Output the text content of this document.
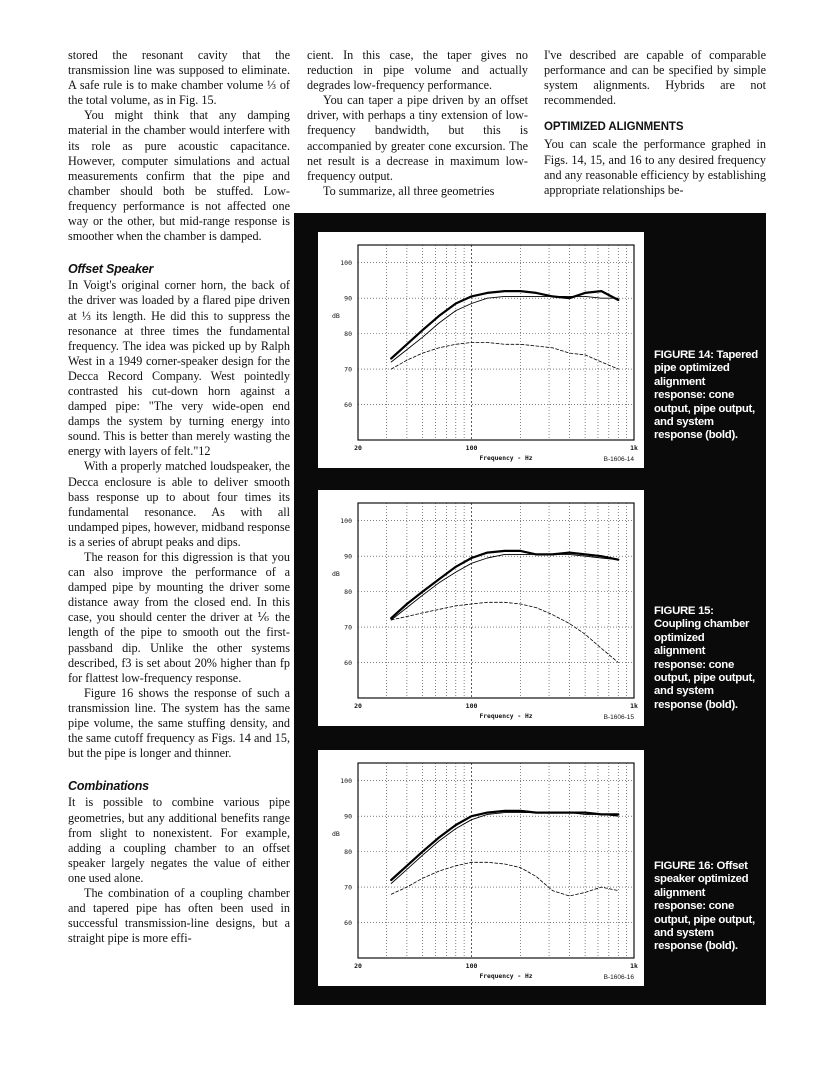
stored the resonant cavity that the transmission line was supposed to eliminate. A safe rule is to make chamber volume ⅓ of the total volume, as in Fig. 15.

You might think that any damping material in the chamber would interfere with its role as pure acoustic capacitance. However, computer simulations and actual measurements confirm that the pipe and chamber should both be stuffed. Low-frequency performance is not affected one way or the other, but mid-range response is smoother when the chamber is damped.

Offset Speaker

In Voigt's original corner horn, the back of the driver was loaded by a flared pipe driven at ⅓ its length. He did this to suppress the resonance at three times the fundamental frequency. The idea was picked up by Ralph West in a 1949 corner-speaker design for the Decca Record Company. West pointedly contrasted his cut-down horn against a damped pipe: "The very wide-open end damps the system by turning energy into sound. This is better than merely wasting the energy with layers of felt."12

With a properly matched loudspeaker, the Decca enclosure is able to deliver smooth bass response up to about four times its fundamental resonance. As with all undamped pipes, however, midband response is a series of abrupt peaks and dips.

The reason for this digression is that you can also improve the performance of a damped pipe by mounting the driver some distance away from the closed end. In this case, you should center the driver at ⅙ the length of the pipe to smooth out the first-passband dip. Unlike the other systems described, f3 is set about 20% higher than fp for flattest low-frequency response.

Figure 16 shows the response of such a transmission line. The system has the same pipe volume, the same stuffing density, and the same cutoff frequency as Figs. 14 and 15, but the pipe is longer and thinner.

Combinations

It is possible to combine various pipe geometries, but any additional benefits range from slight to nonexistent. For example, adding a coupling chamber to an offset speaker largely negates the value of either one used alone.

The combination of a coupling chamber and tapered pipe has often been used in successful transmission-line designs, but a straight pipe is more effi-

cient. In this case, the taper gives no reduction in pipe volume and actually degrades low-frequency performance.

You can taper a pipe driven by an offset driver, with perhaps a tiny extension of low-frequency bandwidth, but this is accompanied by greater cone excursion. The net result is a decrease in maximum low-frequency output.

To summarize, all three geometries

I've described are capable of comparable performance and can be specified by simple system alignments. Hybrids are not recommended.

OPTIMIZED ALIGNMENTS

You can scale the performance graphed in Figs. 14, 15, and 16 to any desired frequency and any reasonable efficiency by establishing appropriate relationships be-

60
70
80
90
100
dB
20	100	1k
Frequency - Hz	B-1606-14
FIGURE 14: Tapered pipe optimized alignment response: cone output, pipe output, and system response (bold).
60
70
80
90
100
dB
20	100	1k
Frequency - Hz	B-1606-15
FIGURE 15: Coupling chamber optimized alignment response: cone output, pipe output, and system response (bold).
60
70
80
90
100
dB
20	100	1k
Frequency - Hz	B-1606-16
FIGURE 16: Offset speaker optimized alignment response: cone output, pipe output, and system response (bold).
